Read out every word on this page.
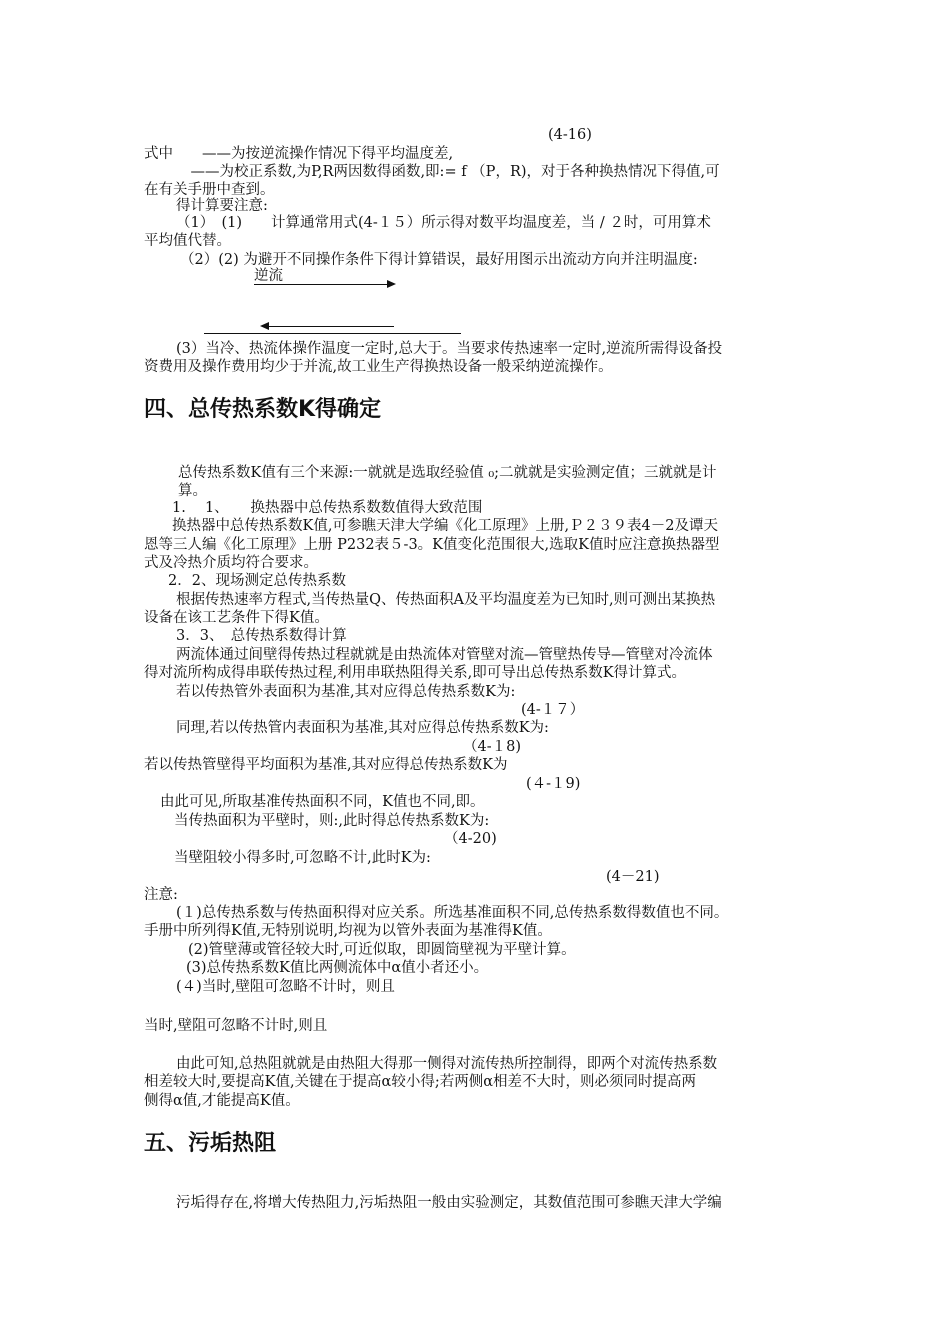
(4-16)
式中　　——为按逆流操作情况下得平均温度差,
　——为校正系数,为P,R两因数得函数,即:= f （P，R)，对于各种换热情况下得值,可
在有关手册中查到。
得计算要注意:
（1）　(1)　　计算通常用式(4-１５）所示得对数平均温度差，当 / ２时，可用算术
平均值代替。
（2）(2) 为避开不同操作条件下得计算错误，最好用图示出流动方向并注明温度:
逆流
(3）当冷、热流体操作温度一定时,总大于。当要求传热速率一定时,逆流所需得设备投
资费用及操作费用均少于并流,故工业生产得换热设备一般采纳逆流操作。
四、总传热系数K得确定
总传热系数K值有三个来源:一就就是选取经验值 ₀;二就就是实验测定值；三就就是计
算。
1.　 1、　　换热器中总传热系数数值得大致范围
换热器中总传热系数K值,可参瞧天津大学编《化工原理》上册,Ｐ２３９表4－2及谭天
恩等三人编《化工原理》上册 P232表５-3。K值变化范围很大,选取K值时应注意换热器型
式及冷热介质均符合要求。
2．2、现场测定总传热系数
根据传热速率方程式,当传热量Q、传热面积A及平均温度差为已知时,则可测出某换热
设备在该工艺条件下得K值。
3．3、　总传热系数得计算
两流体通过间壁得传热过程就就是由热流体对管壁对流—管壁热传导—管壁对冷流体
得对流所构成得串联传热过程,利用串联热阻得关系,即可导出总传热系数K得计算式。
若以传热管外表面积为基准,其对应得总传热系数K为:
(4-１７）
同理,若以传热管内表面积为基准,其对应得总传热系数K为:
（4-１8)
若以传热管壁得平均面积为基准,其对应得总传热系数K为
(４-１9)
由此可见,所取基准传热面积不同，K值也不同,即。
当传热面积为平壁时，则:,此时得总传热系数K为:
（4-20)
当壁阻较小得多时,可忽略不计,此时K为:
(4－21)
注意:
(１)总传热系数与传热面积得对应关系。所选基准面积不同,总传热系数得数值也不同。
手册中所列得K值,无特别说明,均视为以管外表面为基准得K值。
(2)管壁薄或管径较大时,可近似取，即圆筒壁视为平壁计算。
(3)总传热系数K值比两侧流体中α值小者还小。
(４)当时,壁阻可忽略不计时，则且
当时,壁阻可忽略不计时,则且
由此可知,总热阻就就是由热阻大得那一侧得对流传热所控制得，即两个对流传热系数
相差较大时,要提高K值,关键在于提高α较小得;若两侧α相差不大时，则必须同时提高两
侧得α值,才能提高K值。
五、污垢热阻
污垢得存在,将增大传热阻力,污垢热阻一般由实验测定，其数值范围可参瞧天津大学编
